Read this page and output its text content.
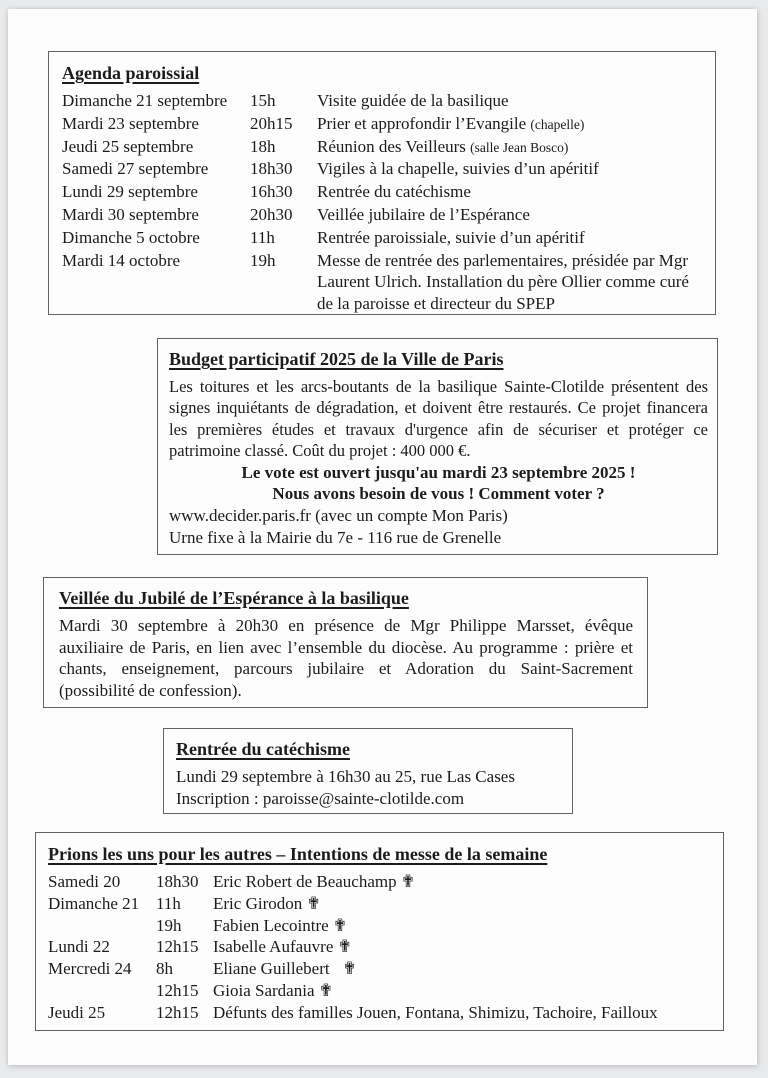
Agenda paroissial
Dimanche 21 septembre	15h	Visite guidée de la basilique
Mardi 23 septembre	20h15	Prier et approfondir l’Evangile (chapelle)
Jeudi 25 septembre	18h	Réunion des Veilleurs (salle Jean Bosco)
Samedi 27 septembre	18h30	Vigiles à la chapelle, suivies d’un apéritif
Lundi 29 septembre	16h30	Rentrée du catéchisme
Mardi 30 septembre	20h30	Veillée jubilaire de l’Espérance
Dimanche 5 octobre	11h	Rentrée paroissiale, suivie d’un apéritif
Mardi 14 octobre	19h	Messe de rentrée des parlementaires, présidée par Mgr Laurent Ulrich. Installation du père Ollier comme curé de la paroisse et directeur du SPEP
Budget participatif 2025 de la Ville de Paris

Les toitures et les arcs-boutants de la basilique Sainte-Clotilde présentent des signes inquiétants de dégradation, et doivent être restaurés. Ce projet financera les premières études et travaux d'urgence afin de sécuriser et protéger ce patrimoine classé. Coût du projet : 400 000 €.

Le vote est ouvert jusqu'au mardi 23 septembre 2025 !

Nous avons besoin de vous ! Comment voter ?

www.decider.paris.fr (avec un compte Mon Paris)

Urne fixe à la Mairie du 7e - 116 rue de Grenelle

Veillée du Jubilé de l’Espérance à la basilique

Mardi 30 septembre à 20h30 en présence de Mgr Philippe Marsset, évêque auxiliaire de Paris, en lien avec l’ensemble du diocèse. Au programme : prière et chants, enseignement, parcours jubilaire et Adoration du Saint-Sacrement (possibilité de confession).

Rentrée du catéchisme

Lundi 29 septembre à 16h30 au 25, rue Las Cases

Inscription : paroisse@sainte-clotilde.com

Prions les uns pour les autres – Intentions de messe de la semaine
Samedi 20	18h30 Eric Robert de Beauchamp ✟
Dimanche 21 11h	Eric Girodon ✟
19h	Fabien Lecointre ✟
Lundi 22	12h15 Isabelle Aufauvre ✟
Mercredi 24	8h	Eliane Guillebert   ✟
12h15 Gioia Sardania ✟
Jeudi 25	12h15 Défunts des familles Jouen, Fontana, Shimizu, Tachoire, Failloux
